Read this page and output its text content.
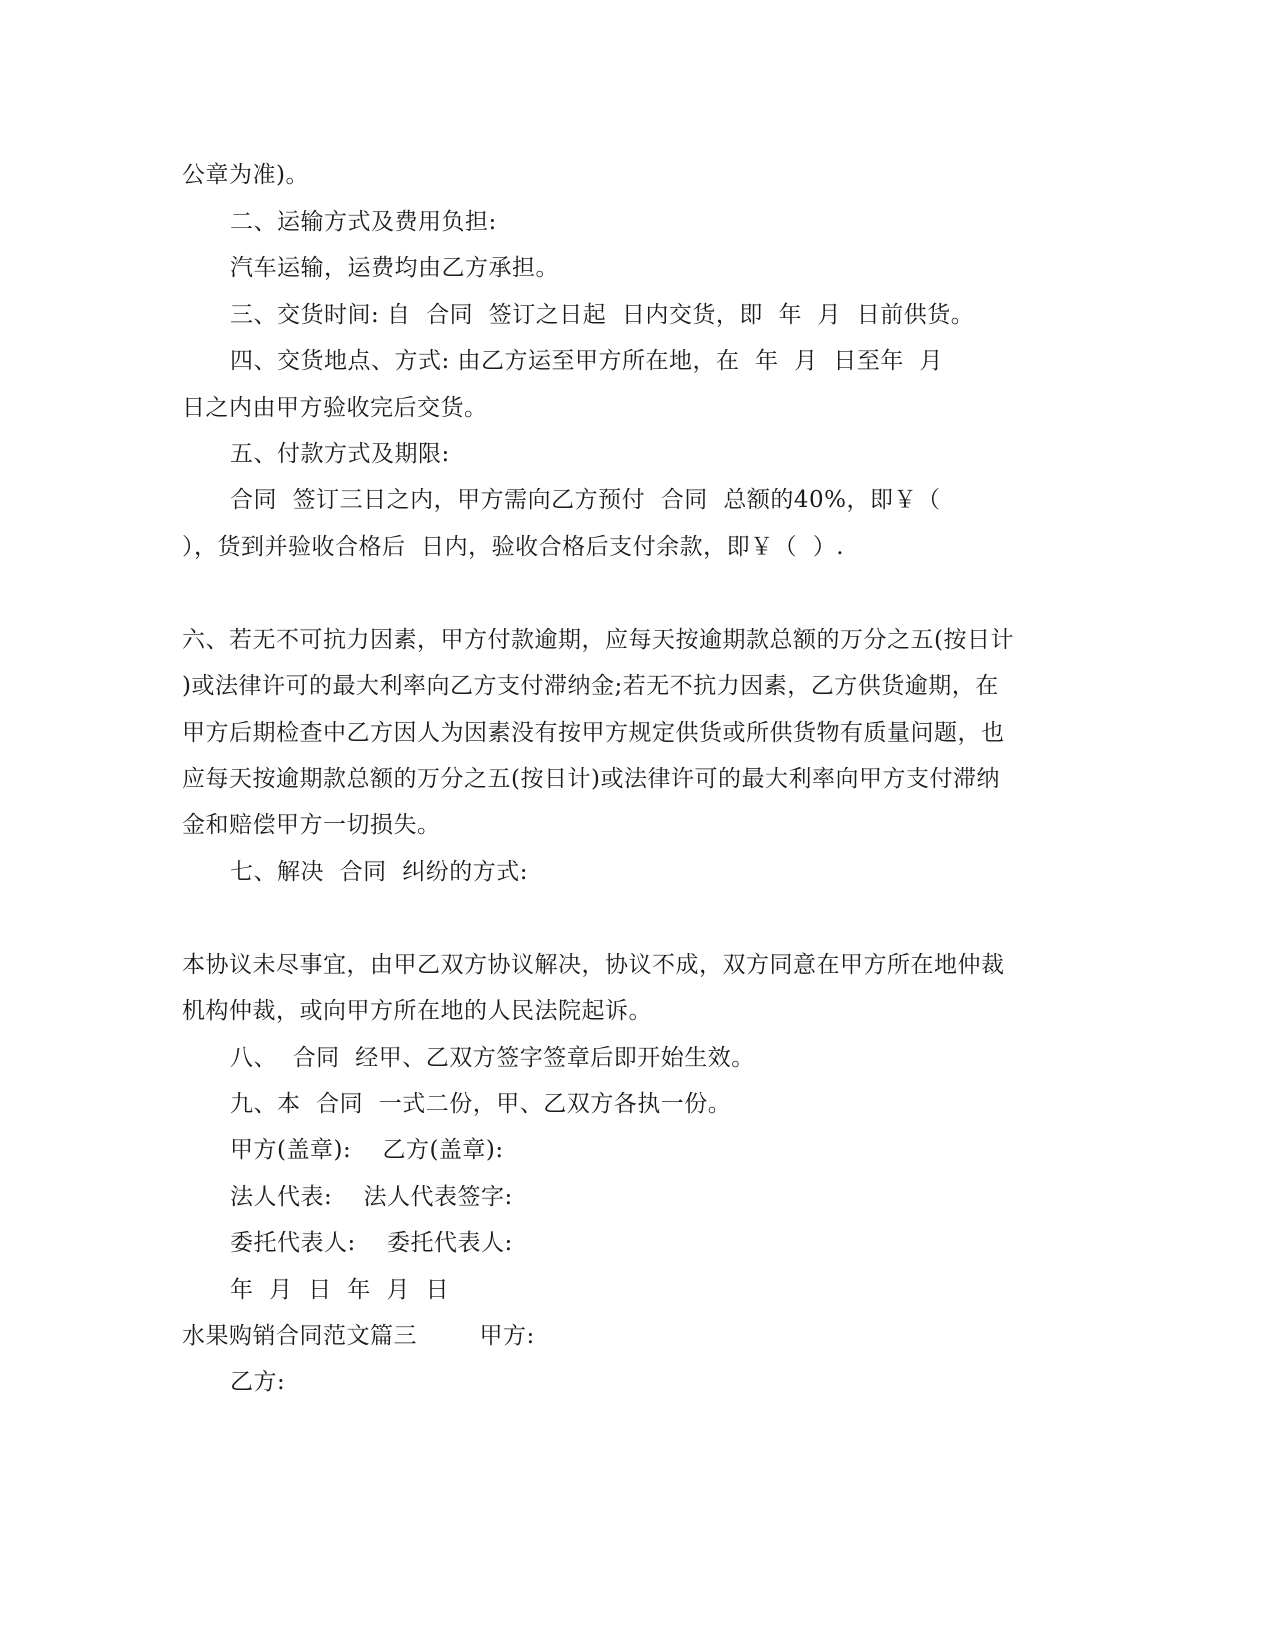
公章为准)。
二、运输方式及费用负担:
汽车运输，运费均由乙方承担。
三、交货时间: 自  合同  签订之日起  日内交货，即  年  月  日前供货。
四、交货地点、方式: 由乙方运至甲方所在地，在  年  月  日至年  月
日之内由甲方验收完后交货。
五、付款方式及期限:
合同  签订三日之内，甲方需向乙方预付  合同  总额的40%，即￥（
），货到并验收合格后  日内，验收合格后支付余款，即￥（  ）.
六、若无不可抗力因素，甲方付款逾期，应每天按逾期款总额的万分之五(按日计
)或法律许可的最大利率向乙方支付滞纳金;若无不抗力因素，乙方供货逾期，在
甲方后期检查中乙方因人为因素没有按甲方规定供货或所供货物有质量问题，也
应每天按逾期款总额的万分之五(按日计)或法律许可的最大利率向甲方支付滞纳
金和赔偿甲方一切损失。
七、解决  合同  纠纷的方式:
本协议未尽事宜，由甲乙双方协议解决，协议不成，双方同意在甲方所在地仲裁
机构仲裁，或向甲方所在地的人民法院起诉。
八、  合同  经甲、乙双方签字签章后即开始生效。
九、本  合同  一式二份，甲、乙双方各执一份。
甲方(盖章):    乙方(盖章):
法人代表:    法人代表签字:
委托代表人:    委托代表人:
年  月  日  年  月  日
水果购销合同范文篇三        甲方:
乙方:
